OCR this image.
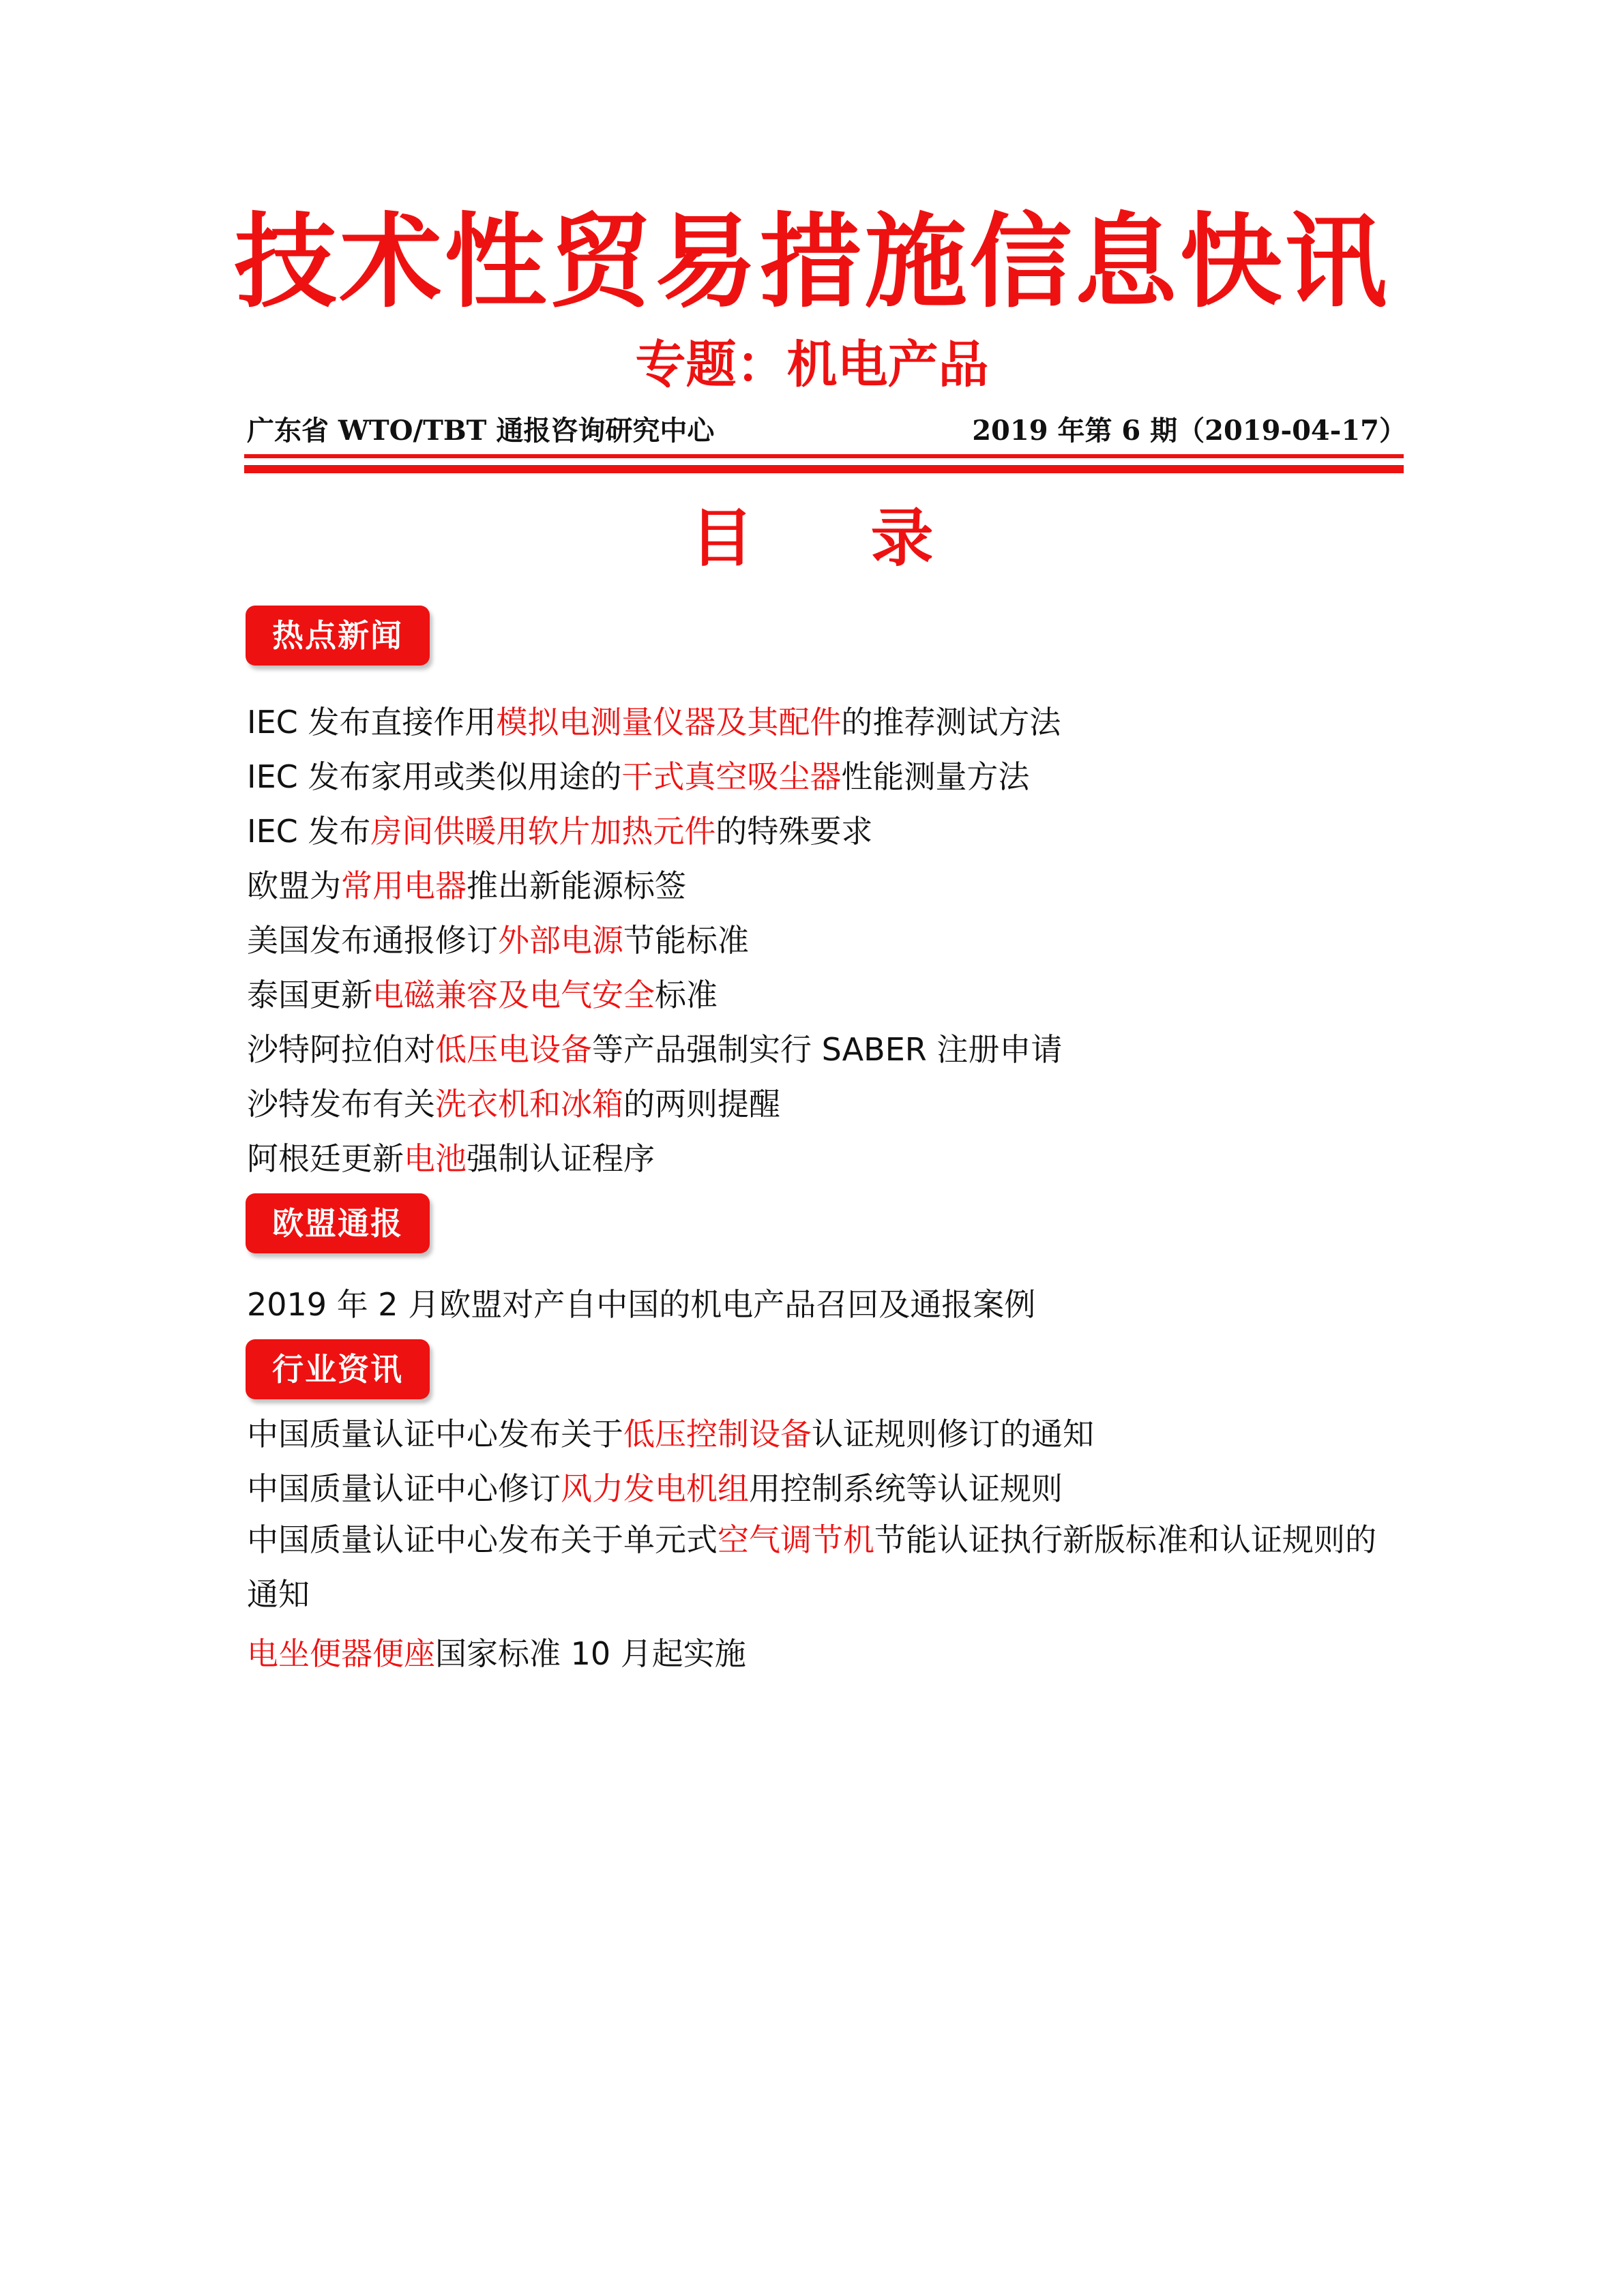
技术性贸易措施信息快讯
专题：机电产品
广东省 WTO/TBT 通报咨询研究中心	2019 年第 6 期（2019-04-17）
目 录
热点新闻
IEC 发布直接作用模拟电测量仪器及其配件的推荐测试方法
IEC 发布家用或类似用途的干式真空吸尘器性能测量方法
IEC 发布房间供暖用软片加热元件的特殊要求
欧盟为常用电器推出新能源标签
美国发布通报修订外部电源节能标准
泰国更新电磁兼容及电气安全标准
沙特阿拉伯对低压电设备等产品强制实行 SABER 注册申请
沙特发布有关洗衣机和冰箱的两则提醒
阿根廷更新电池强制认证程序
欧盟通报
2019 年 2 月欧盟对产自中国的机电产品召回及通报案例
行业资讯
中国质量认证中心发布关于低压控制设备认证规则修订的通知
中国质量认证中心修订风力发电机组用控制系统等认证规则
中国质量认证中心发布关于单元式空气调节机节能认证执行新版标准和认证规则的通知
电坐便器便座国家标准 10 月起实施
